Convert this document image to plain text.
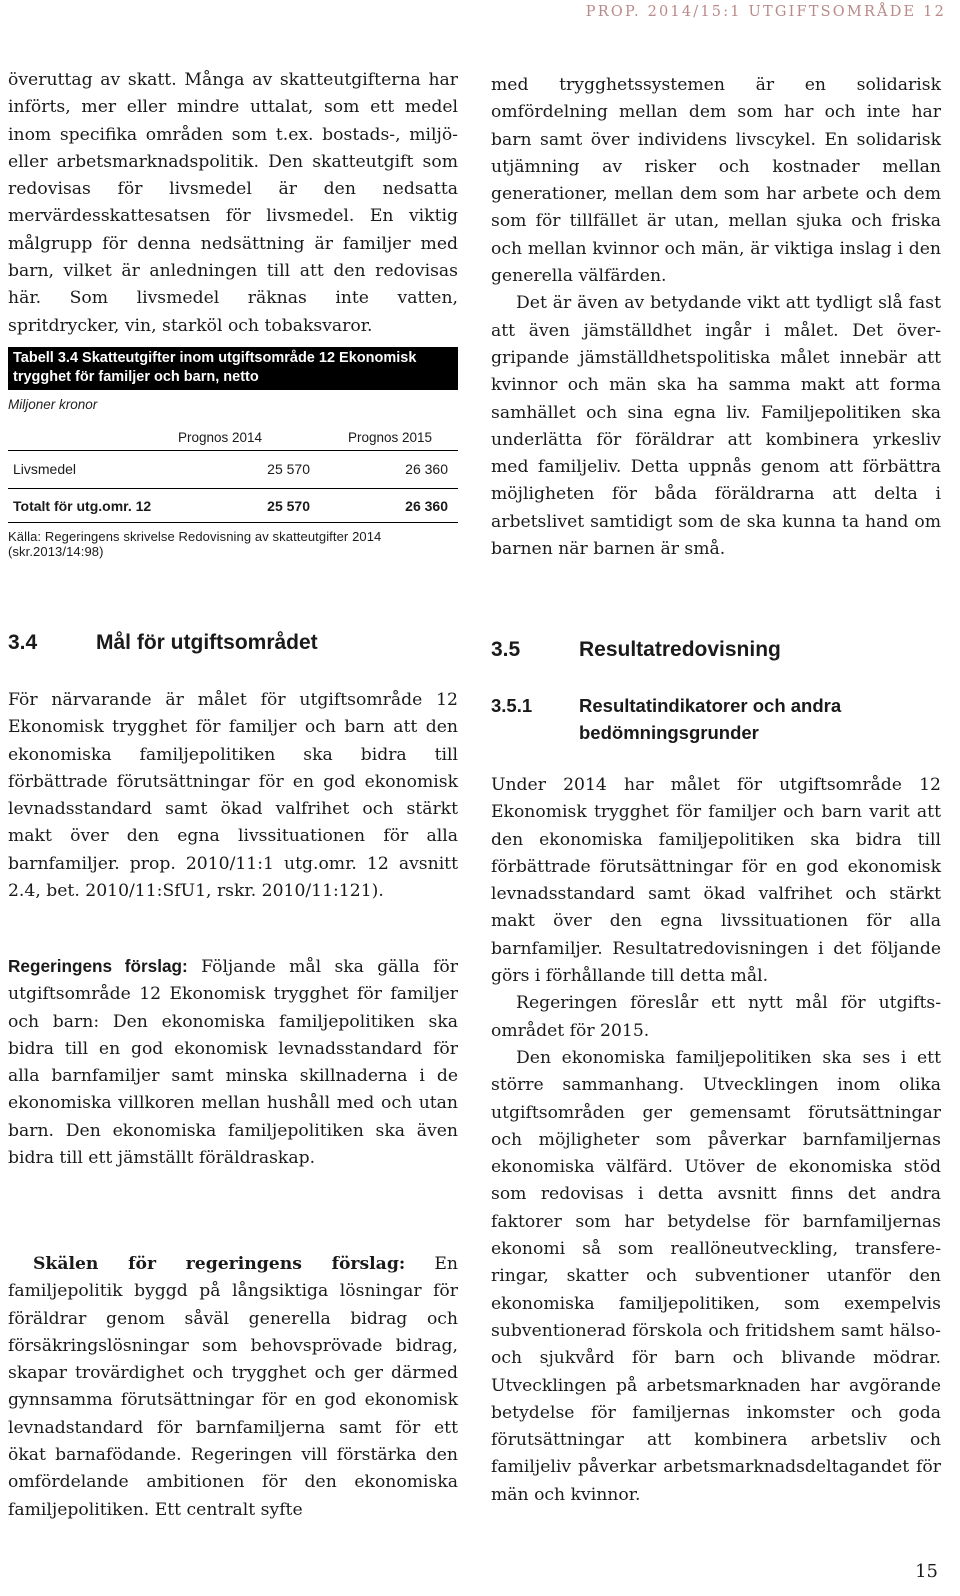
PROP. 2014/15:1 UTGIFTSOMRÅDE 12

överuttag av skatt. Många av skatteutgifterna har införts, mer eller mindre uttalat, som ett medel inom specifika områden som t.ex. bostads-, miljö- eller arbetsmarknadspolitik. Den skatteutgift som redovisas för livsmedel är den nedsatta mervärdesskattesatsen för livsmedel. En viktig målgrupp för denna nedsättning är familjer med barn, vilket är anledningen till att den redovisas här. Som livsmedel räknas inte vatten, spritdrycker, vin, starköl och tobaksvaror.

Tabell 3.4 Skatteutgifter inom utgiftsområde 12 Ekonomisk trygghet för familjer och barn, netto
Miljoner kronor
Prognos 2014	Prognos 2015
Livsmedel	25 570	26 360
Totalt för utg.omr. 12	25 570	26 360
Källa: Regeringens skrivelse Redovisning av skatteutgifter 2014 (skr.2013/14:98)

med trygghetssystemen är en solidarisk omfördelning mellan dem som har och inte har barn samt över individens livscykel. En solidarisk utjämning av risker och kostnader mellan generationer, mellan dem som har arbete och dem som för tillfället är utan, mellan sjuka och friska och mellan kvinnor och män, är viktiga inslag i den generella välfärden.

Det är även av betydande vikt att tydligt slå fast att även jämställdhet ingår i målet. Det övergripande jämställdhetspolitiska målet innebär att kvinnor och män ska ha samma makt att forma samhället och sina egna liv. Familjepolitiken ska underlätta för föräldrar att kombinera yrkesliv med familjeliv. Detta uppnås genom att förbättra möjligheten för båda föräldrarna att delta i arbetslivet samtidigt som de ska kunna ta hand om barnen när barnen är små.

3.4	Mål för utgiftsområdet

För närvarande är målet för utgiftsområde 12 Ekonomisk trygghet för familjer och barn att den ekonomiska familjepolitiken ska bidra till förbättrade förutsättningar för en god ekonomisk levnadsstandard samt ökad valfrihet och stärkt makt över den egna livssituationen för alla barnfamiljer. prop. 2010/11:1 utg.omr. 12 avsnitt 2.4, bet. 2010/11:SfU1, rskr. 2010/11:121).

Regeringens förslag: Följande mål ska gälla för utgiftsområde 12 Ekonomisk trygghet för familjer och barn: Den ekonomiska familjepolitiken ska bidra till en god ekonomisk levnadsstandard för alla barnfamiljer samt minska skillnaderna i de ekonomiska villkoren mellan hushåll med och utan barn. Den ekonomiska familjepolitiken ska även bidra till ett jämställt föräldraskap.

Skälen för regeringens förslag: En familjepolitik byggd på långsiktiga lösningar för föräldrar genom såväl generella bidrag och försäkringslösningar som behovsprövade bidrag, skapar trovärdighet och trygghet och ger därmed gynnsamma förutsättningar för en god ekonomisk levnadstandard för barnfamiljerna samt för ett ökat barnafödande. Regeringen vill förstärka den omfördelande ambitionen för den ekonomiska familjepolitiken. Ett centralt syfte

3.5	Resultatredovisning
3.5.1	Resultatindikatorer och andra bedömningsgrunder

Under 2014 har målet för utgiftsområde 12 Ekonomisk trygghet för familjer och barn varit att den ekonomiska familjepolitiken ska bidra till förbättrade förutsättningar för en god ekonomisk levnadsstandard samt ökad valfrihet och stärkt makt över den egna livssituationen för alla barnfamiljer. Resultatredovisningen i det följande görs i förhållande till detta mål.

Regeringen föreslår ett nytt mål för utgiftsområdet för 2015.

Den ekonomiska familjepolitiken ska ses i ett större sammanhang. Utvecklingen inom olika utgiftsområden ger gemensamt förutsättningar och möjligheter som påverkar barnfamiljernas ekonomiska välfärd. Utöver de ekonomiska stöd som redovisas i detta avsnitt finns det andra faktorer som har betydelse för barnfamiljernas ekonomi så som reallöneutveckling, transfereringar, skatter och subventioner utanför den ekonomiska familjepolitiken, som exempelvis subventionerad förskola och fritidshem samt hälso- och sjukvård för barn och blivande mödrar. Utvecklingen på arbetsmarknaden har avgörande betydelse för familjernas inkomster och goda förutsättningar att kombinera arbetsliv och familjeliv påverkar arbetsmarknadsdeltagandet för män och kvinnor.

15
